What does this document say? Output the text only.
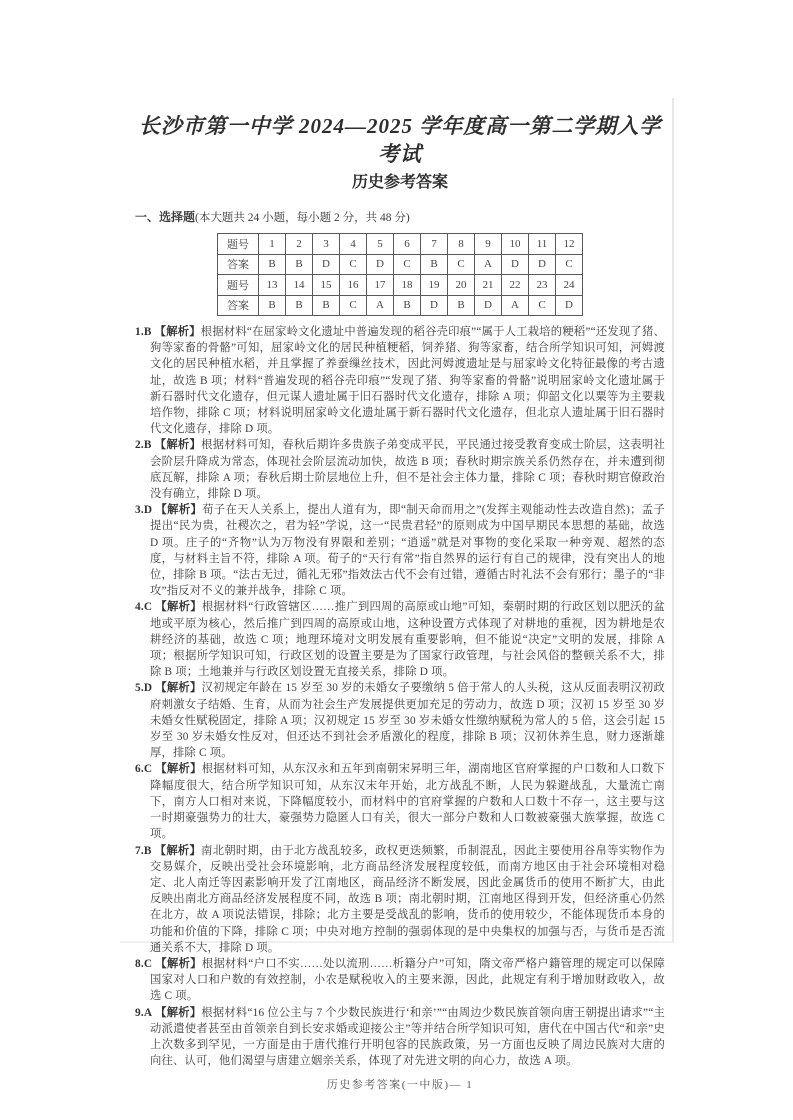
长沙市第一中学 2024—2025 学年度高一第二学期入学考试
历史参考答案
一、选择题(本大题共 24 小题，每小题 2 分，共 48 分)
题号	1	2	3	4	5	6	7	8	9	10	11	12
答案	B	B	D	C	D	C	B	C	A	D	D	C
题号	13	14	15	16	17	18	19	20	21	22	23	24
答案	B	B	B	C	A	B	D	B	D	A	C	D
1.B 【解析】根据材料“在屈家岭文化遗址中普遍发现的稻谷壳印痕”“属于人工栽培的粳稻”“还发现了猪、狗等家畜的骨骼”可知，屈家岭文化的居民种植粳稻，饲养猪、狗等家畜，结合所学知识可知，河姆渡文化的居民种植水稻，并且掌握了养蚕缫丝技术，因此河姆渡遗址是与屈家岭文化特征最像的考古遗址，故选 B 项；材料“普遍发现的稻谷壳印痕”“发现了猪、狗等家畜的骨骼”说明屈家岭文化遗址属于新石器时代文化遗存，但元谋人遗址属于旧石器时代文化遗存，排除 A 项；仰韶文化以粟等为主要栽培作物，排除 C 项；材料说明屈家岭文化遗址属于新石器时代文化遗存，但北京人遗址属于旧石器时代文化遗存，排除 D 项。
2.B 【解析】根据材料可知，春秋后期许多贵族子弟变成平民，平民通过接受教育变成士阶层，这表明社会阶层升降成为常态，体现社会阶层流动加快，故选 B 项；春秋时期宗族关系仍然存在，并未遭到彻底瓦解，排除 A 项；春秋后期士阶层地位上升，但不是社会主体力量，排除 C 项；春秋时期官僚政治没有确立，排除 D 项。
3.D 【解析】荀子在天人关系上，提出人道有为，即“制天命而用之”(发挥主观能动性去改造自然)；孟子提出“民为贵，社稷次之，君为轻”学说，这一“民贵君轻”的原则成为中国早期民本思想的基础，故选 D 项。庄子的“齐物”认为万物没有界限和差别；“逍遥”就是对事物的变化采取一种旁观、超然的态度，与材料主旨不符，排除 A 项。荀子的“天行有常”指自然界的运行有自己的规律，没有突出人的地位，排除 B 项。“法古无过，循礼无邪”指效法古代不会有过错，遵循古时礼法不会有邪行；墨子的“非攻”指反对不义的兼并战争，排除 C 项。
4.C 【解析】根据材料“行政管辖区……推广到四周的高原或山地”可知，秦朝时期的行政区划以肥沃的盆地或平原为核心，然后推广到四周的高原或山地，这种设置方式体现了对耕地的重视，因为耕地是农耕经济的基础，故选 C 项；地理环境对文明发展有重要影响，但不能说“决定”文明的发展，排除 A 项；根据所学知识可知，行政区划的设置主要是为了国家行政管理，与社会风俗的整顿关系不大，排除 B 项；土地兼并与行政区划设置无直接关系，排除 D 项。
5.D 【解析】汉初规定年龄在 15 岁至 30 岁的未婚女子要缴纳 5 倍于常人的人头税，这从反面表明汉初政府刺激女子结婚、生育，从而为社会生产发展提供更加充足的劳动力，故选 D 项；汉初 15 岁至 30 岁未婚女性赋税固定，排除 A 项；汉初规定 15 岁至 30 岁未婚女性缴纳赋税为常人的 5 倍，这会引起 15 岁至 30 岁未婚女性反对，但还达不到社会矛盾激化的程度，排除 B 项；汉初休养生息，财力逐渐雄厚，排除 C 项。
6.C 【解析】根据材料可知，从东汉永和五年到南朝宋昇明三年，湖南地区官府掌握的户口数和人口数下降幅度很大，结合所学知识可知，从东汉末年开始，北方战乱不断，人民为躲避战乱，大量流亡南下，南方人口相对来说，下降幅度较小，而材料中的官府掌握的户数和人口数十不存一，这主要与这一时期豪强势力的壮大，豪强势力隐匿人口有关，很大一部分户数和人口数被豪强大族掌握，故选 C 项。
7.B 【解析】南北朝时期，由于北方战乱较多，政权更迭频繁，币制混乱，因此主要使用谷帛等实物作为交易媒介，反映出受社会环境影响，北方商品经济发展程度较低，而南方地区由于社会环境相对稳定、北人南迁等因素影响开发了江南地区，商品经济不断发展，因此金属货币的使用不断扩大，由此反映出南北方商品经济发展程度不同，故选 B 项；南北朝时期，江南地区得到开发，但经济重心仍然在北方，故 A 项说法错误，排除；北方主要是受战乱的影响，货币的使用较少，不能体现货币本身的功能和价值的下降，排除 C 项；中央对地方控制的强弱体现的是中央集权的加强与否，与货币是否流通关系不大，排除 D 项。
8.C 【解析】根据材料“户口不实……处以流刑……析籍分户”可知，隋文帝严格户籍管理的规定可以保障国家对人口和户数的有效控制，小农是赋税收入的主要来源，因此，此规定有利于增加财政收入，故选 C 项。
9.A 【解析】根据材料“16 位公主与 7 个少数民族进行‘和亲’”“由周边少数民族首领向唐王朝提出请求”“主动派遣使者甚至由首领亲自到长安求婚或迎接公主”等并结合所学知识可知，唐代在中国古代“和亲”史上次数多到罕见，一方面是由于唐代推行开明包容的民族政策，另一方面也反映了周边民族对大唐的向往、认可，他们渴望与唐建立姻亲关系，体现了对先进文明的向心力，故选 A 项。
历史参考答案(一中版)— 1
